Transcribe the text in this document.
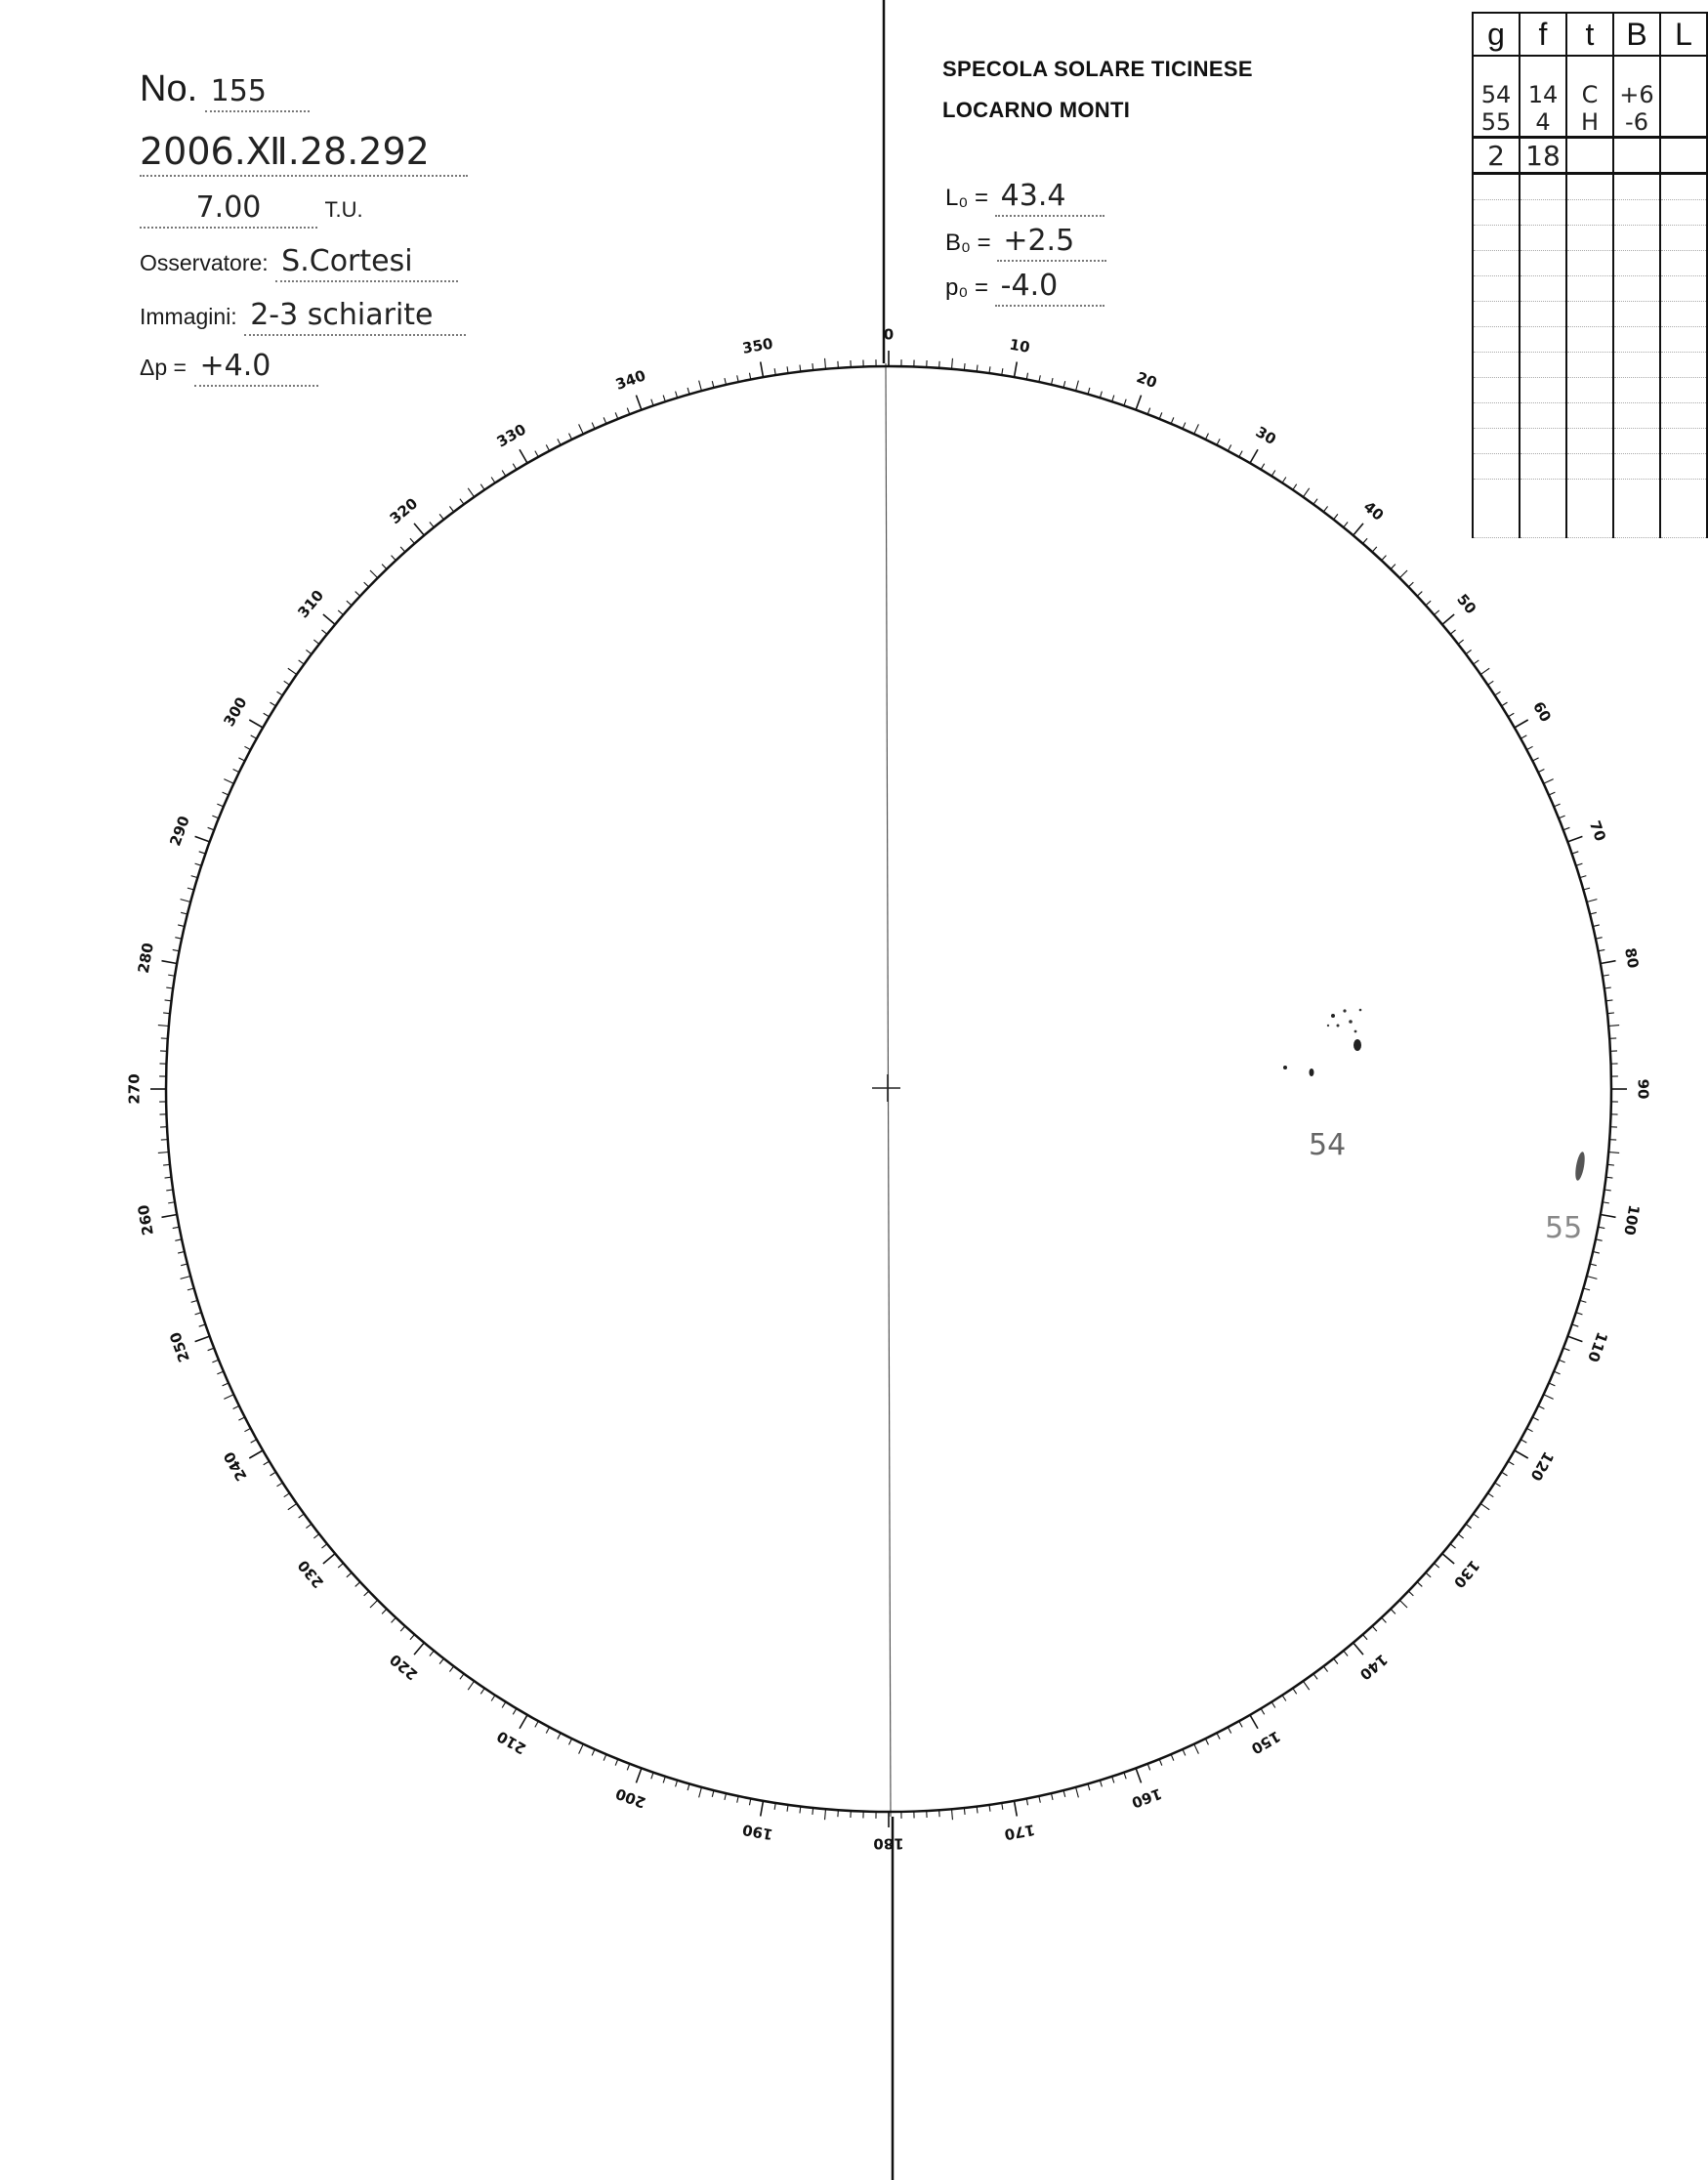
No. 155
2006.Ⅻ.28.292
7.00	T.U.
Osservatore: S.Cortesi
Immagini: 2-3 schiarite
Δp = +4.0
SPECOLA SOLARE TICINESE
LOCARNO MONTI
L₀ = 43.4
B₀ = +2.5
p₀ = -4.0
g	f	t	B	L

54	14	C	+6	
55	4	H	-6	
2	18			

0
10
20
30
40
50
60
70
80
90
100
110
120
130
140
150
160
170
180
190
200
210
220
230
240
250
260
270
280
290
300
310
320
330
340
350
54
55
